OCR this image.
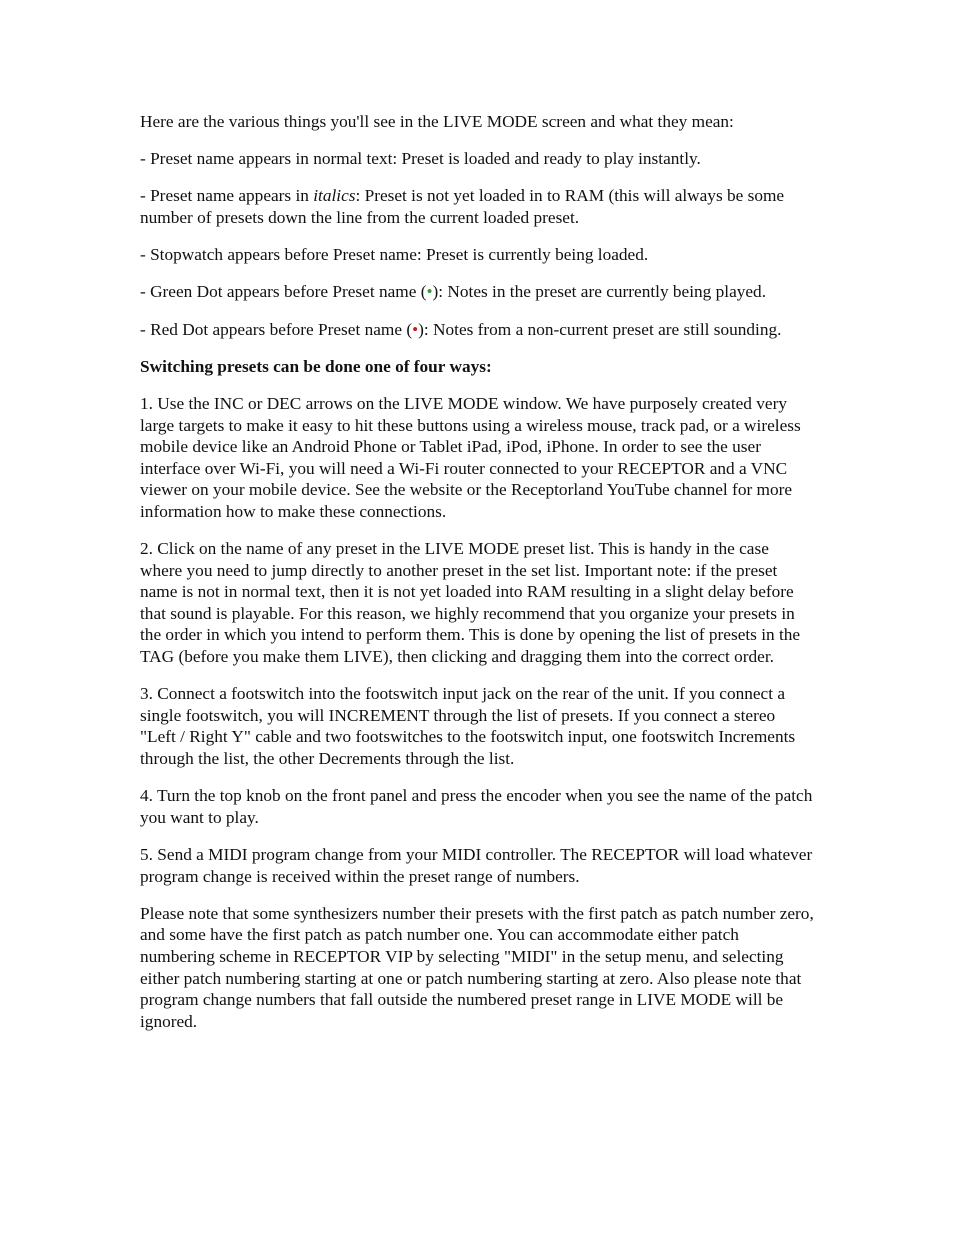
Here are the various things you'll see in the LIVE MODE screen and what they mean:

- Preset name appears in normal text: Preset is loaded and ready to play instantly.

- Preset name appears in italics: Preset is not yet loaded in to RAM (this will always be some number of presets down the line from the current loaded preset.

- Stopwatch appears before Preset name: Preset is currently being loaded.

- Green Dot appears before Preset name (•): Notes in the preset are currently being played.

- Red Dot appears before Preset name (•): Notes from a non-current preset are still sounding.

Switching presets can be done one of four ways:

1. Use the INC or DEC arrows on the LIVE MODE window. We have purposely created very large targets to make it easy to hit these buttons using a wireless mouse, track pad, or a wireless mobile device like an Android Phone or Tablet iPad, iPod, iPhone. In order to see the user interface over Wi-Fi, you will need a Wi-Fi router connected to your RECEPTOR and a VNC viewer on your mobile device. See the website or the Receptorland YouTube channel for more information how to make these connections.

2. Click on the name of any preset in the LIVE MODE preset list. This is handy in the case where you need to jump directly to another preset in the set list. Important note: if the preset name is not in normal text, then it is not yet loaded into RAM resulting in a slight delay before that sound is playable. For this reason, we highly recommend that you organize your presets in the order in which you intend to perform them. This is done by opening the list of presets in the TAG (before you make them LIVE), then clicking and dragging them into the correct order.

3. Connect a footswitch into the footswitch input jack on the rear of the unit. If you connect a single footswitch, you will INCREMENT through the list of presets. If you connect a stereo "Left / Right Y" cable and two footswitches to the footswitch input, one footswitch Increments through the list, the other Decrements through the list.

4. Turn the top knob on the front panel and press the encoder when you see the name of the patch you want to play.

5. Send a MIDI program change from your MIDI controller. The RECEPTOR will load whatever program change is received within the preset range of numbers.

Please note that some synthesizers number their presets with the first patch as patch number zero, and some have the first patch as patch number one. You can accommodate either patch numbering scheme in RECEPTOR VIP by selecting "MIDI" in the setup menu, and selecting either patch numbering starting at one or patch numbering starting at zero. Also please note that program change numbers that fall outside the numbered preset range in LIVE MODE will be ignored.
